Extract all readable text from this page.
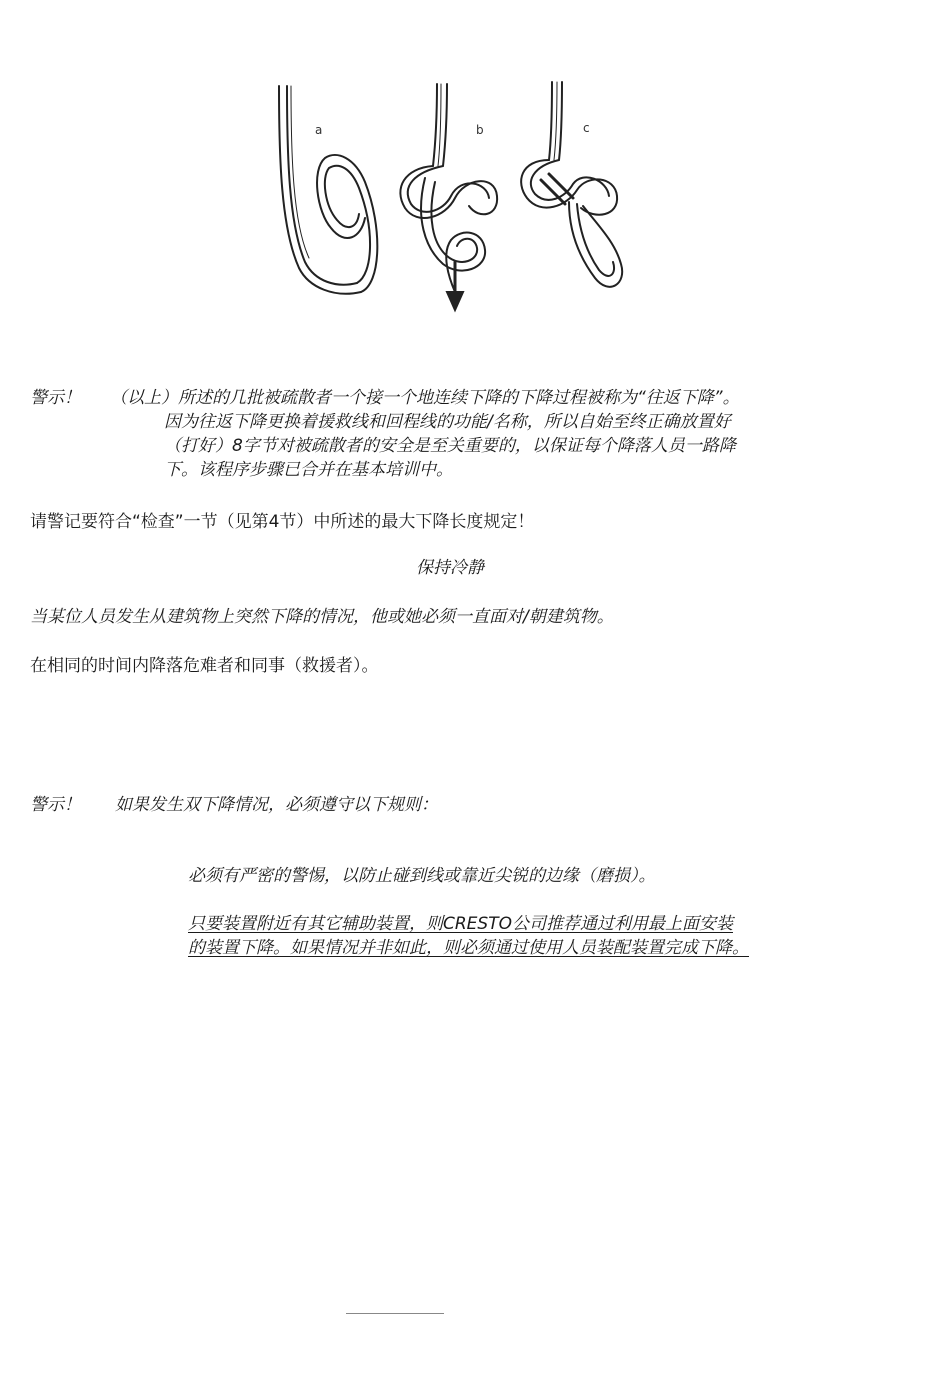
a	b	c
警示！ （以上）所述的几批被疏散者一个接一个地连续下降的下降过程被称为“往返下降”。
因为往返下降更换着援救线和回程线的功能/名称，所以自始至终正确放置好
（打好）8字节对被疏散者的安全是至关重要的，以保证每个降落人员一路降
下。该程序步骤已合并在基本培训中。
请警记要符合“检查”一节（见第4节）中所述的最大下降长度规定！
保持冷静
当某位人员发生从建筑物上突然下降的情况，他或她必须一直面对/朝建筑物。
在相同的时间内降落危难者和同事（救援者）。
警示！ 如果发生双下降情况，必须遵守以下规则：
必须有严密的警惕，以防止碰到线或靠近尖锐的边缘（磨损）。
只要装置附近有其它辅助装置，则CRESTO公司推荐通过利用最上面安装
的装置下降。如果情况并非如此，则必须通过使用人员装配装置完成下降。
